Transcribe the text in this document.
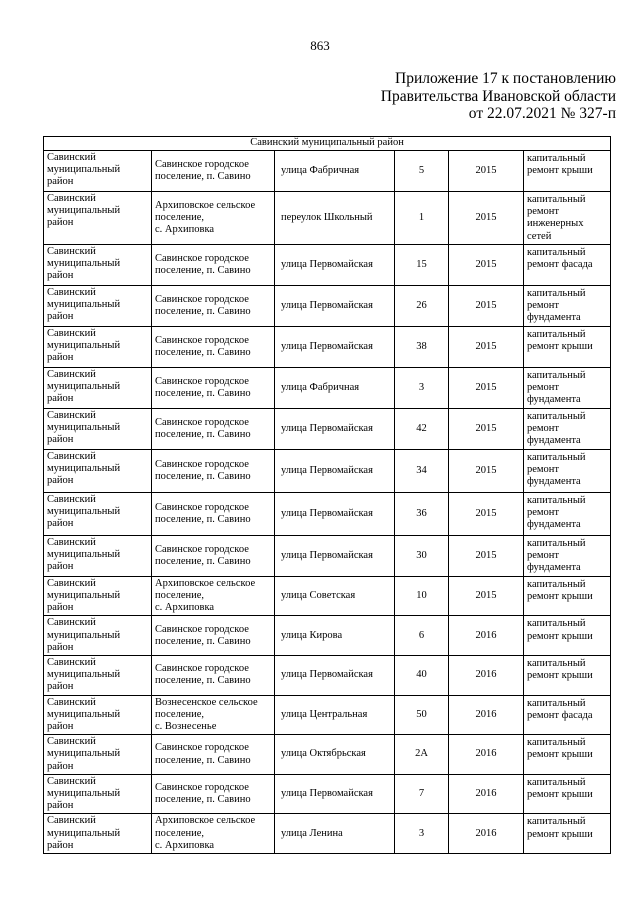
863
Приложение 17 к постановлению
Правительства Ивановской области
от 22.07.2021 № 327-п
Савинский муниципальный район					

Савинский
муниципальный
район	Савинское городское
поселение, п. Савино	улица Фабричная	5	2015	капитальный
ремонт крыши

Савинский
муниципальный
район	Архиповское сельское
поселение,
с. Архиповка	переулок Школьный	1	2015	капитальный
ремонт
инженерных
сетей

Савинский
муниципальный
район	Савинское городское
поселение, п. Савино	улица Первомайская	15	2015	капитальный
ремонт фасада

Савинский
муниципальный
район	Савинское городское
поселение, п. Савино	улица Первомайская	26	2015	капитальный
ремонт
фундамента

Савинский
муниципальный
район	Савинское городское
поселение, п. Савино	улица Первомайская	38	2015	капитальный
ремонт крыши

Савинский
муниципальный
район	Савинское городское
поселение, п. Савино	улица Фабричная	3	2015	капитальный
ремонт
фундамента

Савинский
муниципальный
район	Савинское городское
поселение, п. Савино	улица Первомайская	42	2015	капитальный
ремонт
фундамента

Савинский
муниципальный
район	Савинское городское
поселение, п. Савино	улица Первомайская	34	2015	капитальный
ремонт
фундамента

Савинский
муниципальный
район	Савинское городское
поселение, п. Савино	улица Первомайская	36	2015	капитальный
ремонт
фундамента

Савинский
муниципальный
район	Савинское городское
поселение, п. Савино	улица Первомайская	30	2015	капитальный
ремонт
фундамента

Савинский
муниципальный
район	Архиповское сельское
поселение,
с. Архиповка	улица Советская	10	2015	капитальный
ремонт крыши

Савинский
муниципальный
район	Савинское городское
поселение, п. Савино	улица Кирова	6	2016	капитальный
ремонт крыши

Савинский
муниципальный
район	Савинское городское
поселение, п. Савино	улица Первомайская	40	2016	капитальный
ремонт крыши

Савинский
муниципальный
район	Вознесенское сельское
поселение,
с. Вознесенье	улица Центральная	50	2016	капитальный
ремонт фасада

Савинский
муниципальный
район	Савинское городское
поселение, п. Савино	улица Октябрьская	2А	2016	капитальный
ремонт крыши

Савинский
муниципальный
район	Савинское городское
поселение, п. Савино	улица Первомайская	7	2016	капитальный
ремонт крыши

Савинский
муниципальный
район	Архиповское сельское
поселение,
с. Архиповка	улица Ленина	3	2016	капитальный
ремонт крыши
